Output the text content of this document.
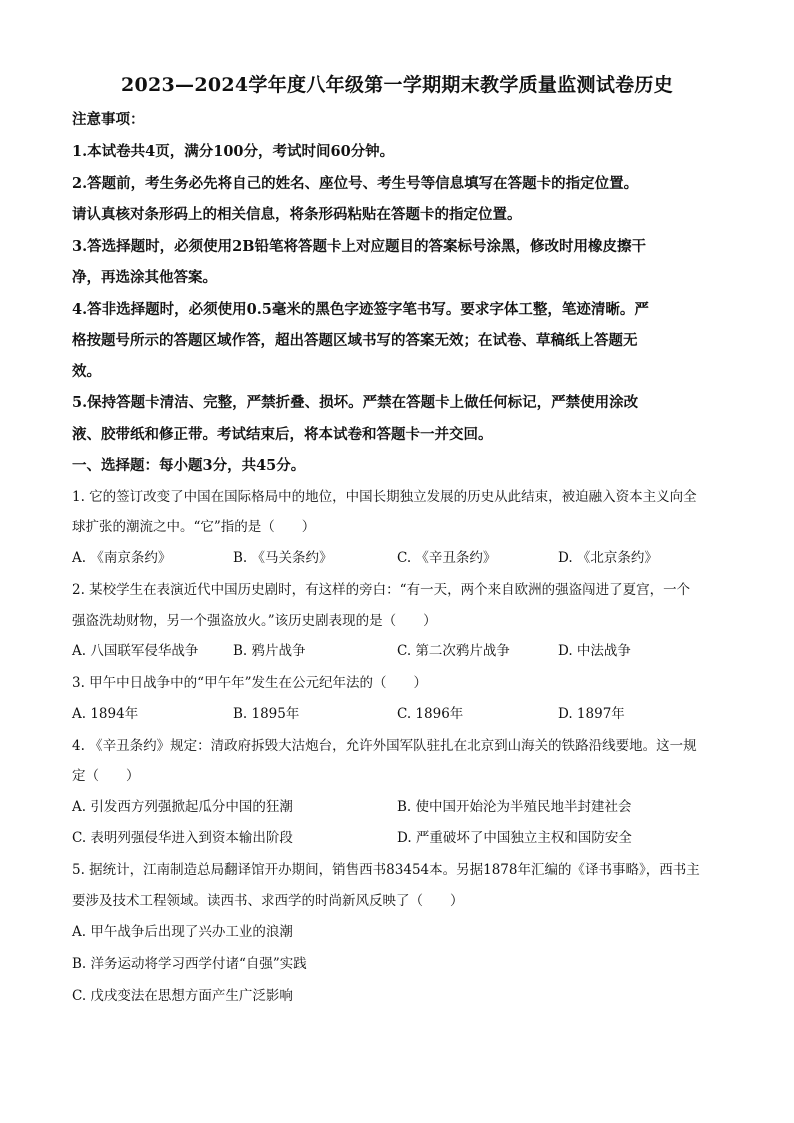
2023—2024学年度八年级第一学期期末教学质量监测试卷历史
注意事项：
1.本试卷共4页，满分100分，考试时间60分钟。
2.答题前，考生务必先将自己的姓名、座位号、考生号等信息填写在答题卡的指定位置。
请认真核对条形码上的相关信息，将条形码粘贴在答题卡的指定位置。
3.答选择题时，必须使用2B铅笔将答题卡上对应题目的答案标号涂黑，修改时用橡皮擦干
净，再选涂其他答案。
4.答非选择题时，必须使用0.5毫米的黑色字迹签字笔书写。要求字体工整，笔迹清晰。严
格按题号所示的答题区域作答，超出答题区域书写的答案无效；在试卷、草稿纸上答题无
效。
5.保持答题卡清洁、完整，严禁折叠、损坏。严禁在答题卡上做任何标记，严禁使用涂改
液、胶带纸和修正带。考试结束后，将本试卷和答题卡一并交回。
一、选择题：每小题3分，共45分。
1. 它的签订改变了中国在国际格局中的地位，中国长期独立发展的历史从此结束，被迫融入资本主义向全
球扩张的潮流之中。“它”指的是（　　）
A. 《南京条约》	B. 《马关条约》	C. 《辛丑条约》	D. 《北京条约》
2. 某校学生在表演近代中国历史剧时，有这样的旁白：“有一天，两个来自欧洲的强盗闯进了夏宫，一个
强盗洗劫财物，另一个强盗放火。”该历史剧表现的是（　　）
A. 八国联军侵华战争	B. 鸦片战争	C. 第二次鸦片战争	D. 中法战争
3. 甲午中日战争中的“甲午年”发生在公元纪年法的（　　）
A. 1894年	B. 1895年	C. 1896年	D. 1897年
4. 《辛丑条约》规定：清政府拆毁大沽炮台，允许外国军队驻扎在北京到山海关的铁路沿线要地。这一规
定（　　）
A. 引发西方列强掀起瓜分中国的狂潮	B. 使中国开始沦为半殖民地半封建社会
C. 表明列强侵华进入到资本输出阶段	D. 严重破坏了中国独立主权和国防安全
5. 据统计，江南制造总局翻译馆开办期间，销售西书83454本。另据1878年汇编的《译书事略》，西书主
要涉及技术工程领域。读西书、求西学的时尚新风反映了（　　）
A. 甲午战争后出现了兴办工业的浪潮
B. 洋务运动将学习西学付诸“自强”实践
C. 戊戌变法在思想方面产生广泛影响
